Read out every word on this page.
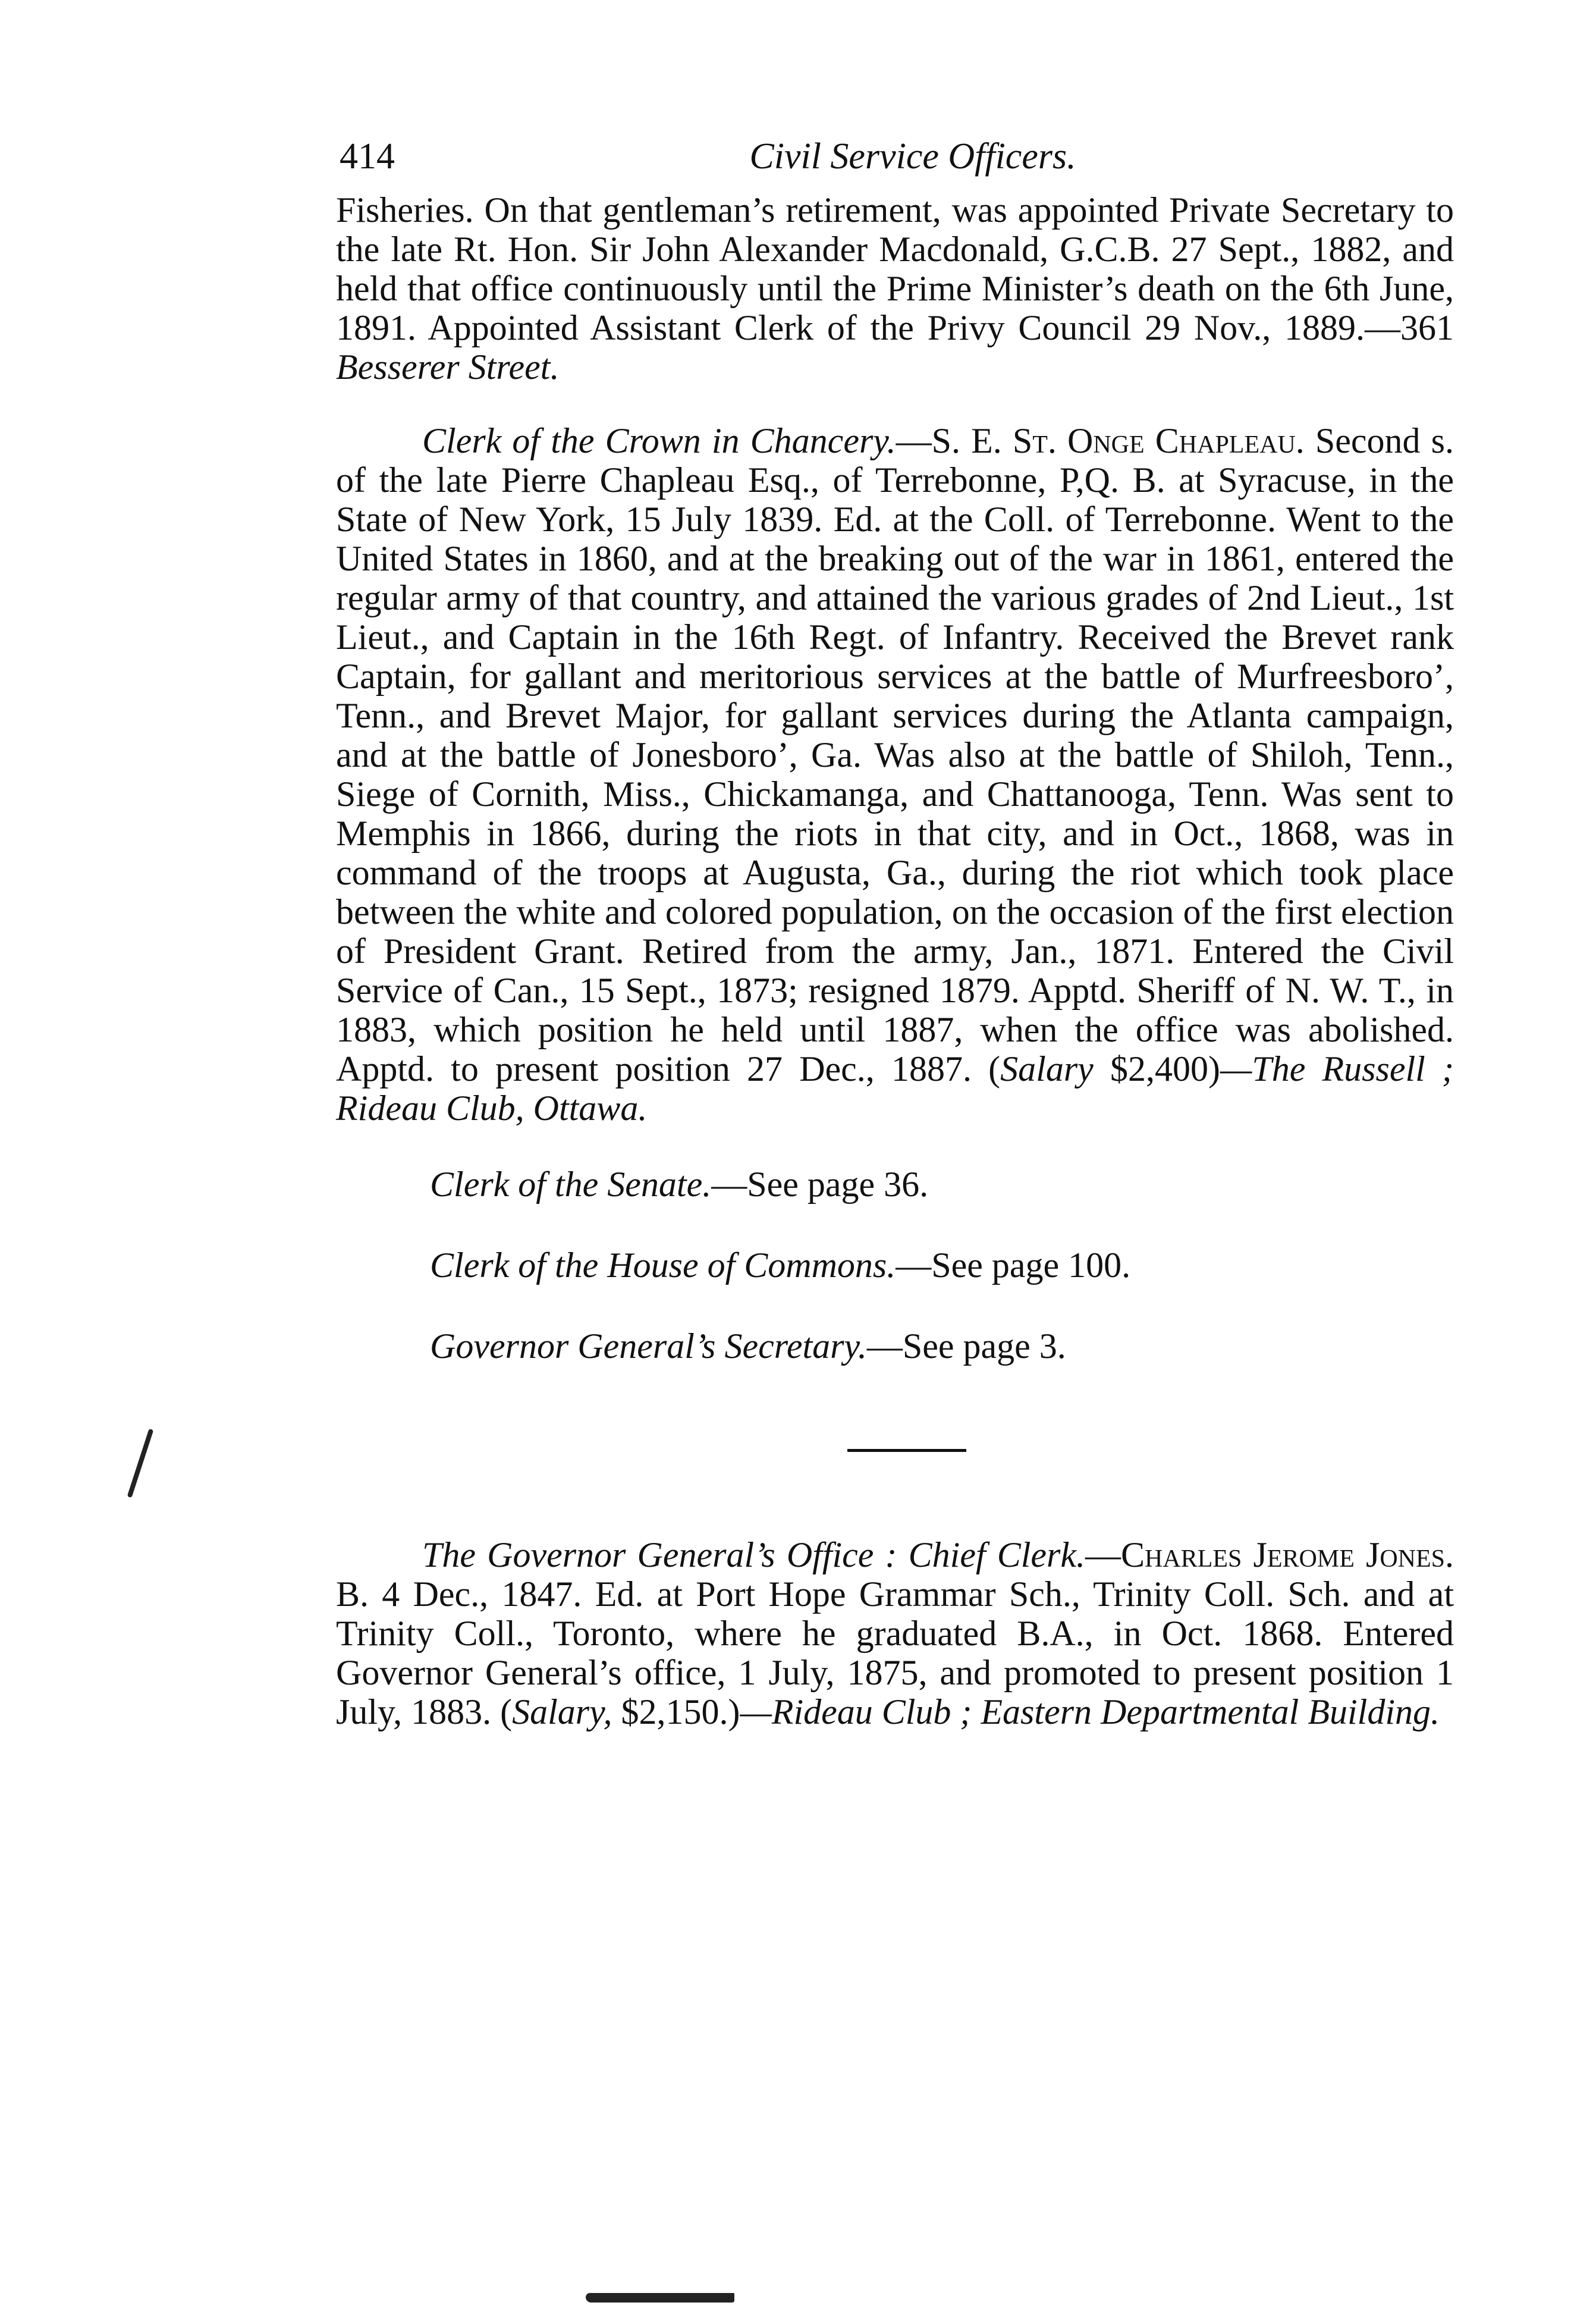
414	Civil Service Officers.

Fisheries. On that gentleman’s retirement, was appointed Private Secretary to the late Rt. Hon. Sir John Alexander Macdonald, G.C.B. 27 Sept., 1882, and held that office continuously until the Prime Minister’s death on the 6th June, 1891. Appointed Assistant Clerk of the Privy Council 29 Nov., 1889.—361 Besserer Street.

Clerk of the Crown in Chancery.—S. E. St. Onge Chapleau. Second s. of the late Pierre Chapleau Esq., of Terrebonne, P,Q. B. at Syracuse, in the State of New York, 15 July 1839. Ed. at the Coll. of Terrebonne. Went to the United States in 1860, and at the breaking out of the war in 1861, entered the regular army of that country, and attained the various grades of 2nd Lieut., 1st Lieut., and Captain in the 16th Regt. of Infantry. Received the Brevet rank Captain, for gallant and meritorious services at the battle of Murfreesboro’, Tenn., and Brevet Major, for gallant services during the Atlanta campaign, and at the battle of Jonesboro’, Ga. Was also at the battle of Shiloh, Tenn., Siege of Cornith, Miss., Chickamanga, and Chattanooga, Tenn. Was sent to Memphis in 1866, during the riots in that city, and in Oct., 1868, was in command of the troops at Augusta, Ga., during the riot which took place between the white and colored population, on the occasion of the first election of President Grant. Retired from the army, Jan., 1871. Entered the Civil Service of Can., 15 Sept., 1873; resigned 1879. Apptd. Sheriff of N. W. T., in 1883, which position he held until 1887, when the office was abolished. Apptd. to present position 27 Dec., 1887. (Salary $2,400)—The Russell ; Rideau Club, Ottawa.

Clerk of the Senate.—See page 36.

Clerk of the House of Commons.—See page 100.

Governor General’s Secretary.—See page 3.

The Governor General’s Office : Chief Clerk.—Charles Jerome Jones. B. 4 Dec., 1847. Ed. at Port Hope Grammar Sch., Trinity Coll. Sch. and at Trinity Coll., Toronto, where he graduated B.A., in Oct. 1868. Entered Governor General’s office, 1 July, 1875, and promoted to present position 1 July, 1883. (Salary, $2,150.)—Rideau Club ; Eastern Departmental Building.
